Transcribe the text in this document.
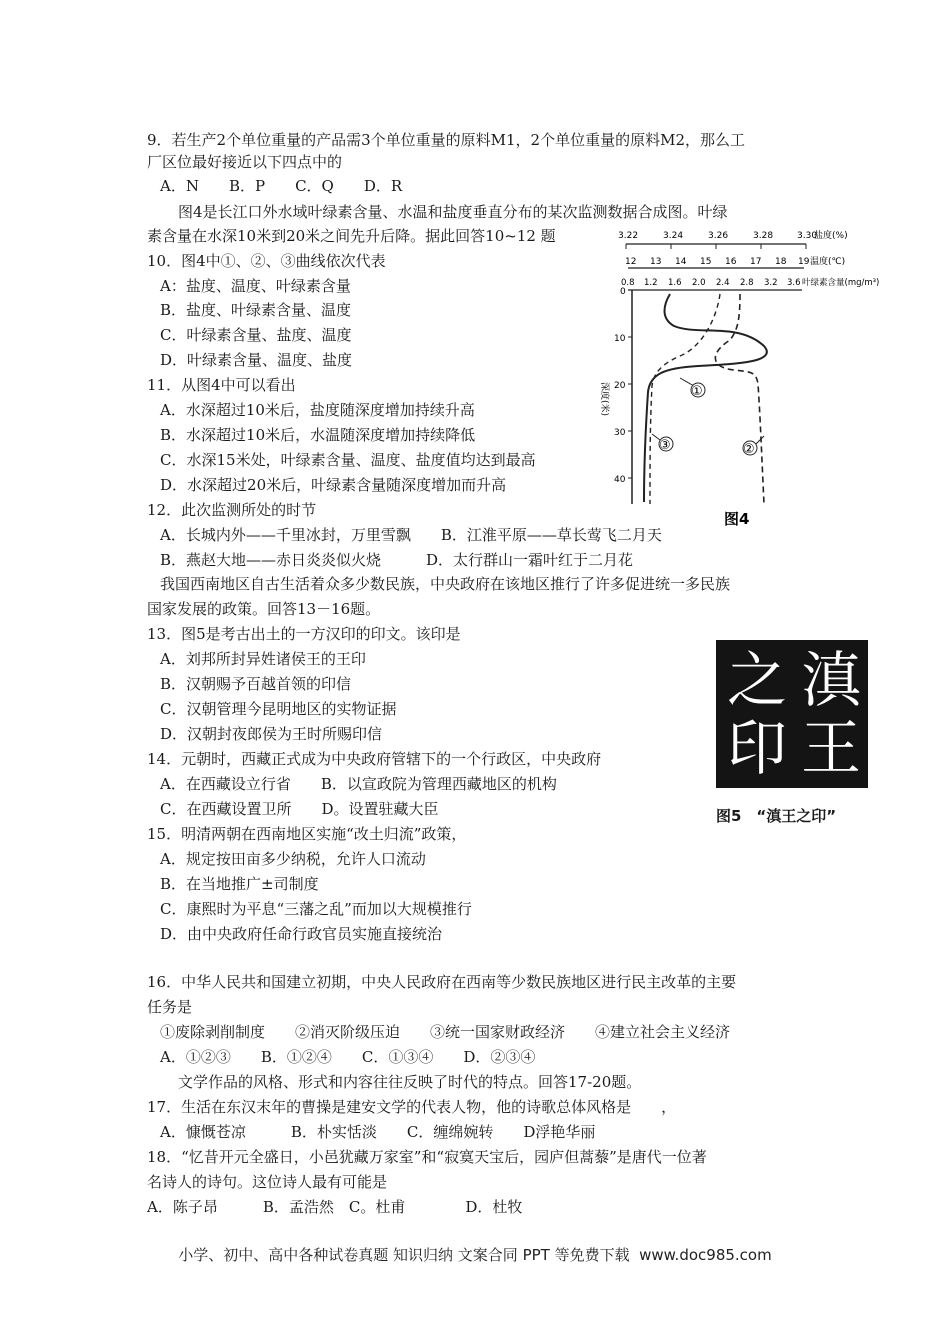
9．若生产2个单位重量的产品需3个单位重量的原料M1，2个单位重量的原料M2，那么工
厂区位最好接近以下四点中的
A．N　　B．P　　C．Q　　D．R
图4是长江口外水域叶绿素含量、水温和盐度垂直分布的某次监测数据合成图。叶绿
素含量在水深10米到20米之间先升后降。据此回答10~12 题
10．图4中①、②、③曲线依次代表
A：盐度、温度、叶绿素含量
B．盐度、叶绿素含量、温度
C．叶绿素含量、盐度、温度
D．叶绿素含量、温度、盐度
11．从图4中可以看出
A．水深超过10米后，盐度随深度增加持续升高
B．水深超过10米后，水温随深度增加持续降低
C．水深15米处，叶绿素含量、温度、盐度值均达到最高
D．水深超过20米后，叶绿素含量随深度增加而升高
12．此次监测所处的时节
A．长城内外——千里冰封，万里雪飘　　B．江淮平原——草长莺飞二月天
B．燕赵大地——赤日炎炎似火烧　　　D．太行群山一霜叶红于二月花
我国西南地区自古生活着众多少数民族，中央政府在该地区推行了许多促进统一多民族
国家发展的政策。回答13－16题。
13．图5是考古出土的一方汉印的印文。该印是
A．刘邦所封异姓诸侯王的王印
B．汉朝赐予百越首领的印信
C．汉朝管理今昆明地区的实物证据
D．汉朝封夜郎侯为王时所赐印信
14．元朝时，西藏正式成为中央政府管辖下的一个行政区，中央政府
A．在西藏设立行省　　B．以宣政院为管理西藏地区的机构
C．在西藏设置卫所　　D。设置驻藏大臣
15．明清两朝在西南地区实施“改土归流”政策，
A．规定按田亩多少纳税，允许人口流动
B．在当地推广±司制度
C．康熙时为平息“三藩之乱”而加以大规模推行
D．由中央政府任命行政官员实施直接统治
16．中华人民共和国建立初期，中央人民政府在西南等少数民族地区进行民主改革的主要
任务是
①废除剥削制度　　②消灭阶级压迫　　③统一国家财政经济　　④建立社会主义经济
A．①②③　　B．①②④　　C．①③④　　D．②③④
文学作品的风格、形式和内容往往反映了时代的特点。回答17-20题。
17．生活在东汉末年的曹操是建安文学的代表人物，他的诗歌总体风格是　　，
A．慷慨苍凉　　　B．朴实恬淡　　C．缠绵婉转　　D浮艳华丽
18．“忆昔开元全盛日，小邑犹藏万家室”和“寂寞天宝后，园庐但蒿藜”是唐代一位著
名诗人的诗句。这位诗人最有可能是
A．陈子昂　　　B．孟浩然　C。杜甫　　　　D．杜牧
3.22	3.24	3.26	3.28	3.30
盐度(%)
12 13 14 15 16 17 18 19 温度(℃)
0.8 1.2 1.6 2.0 2.4 2.8 3.2 3.6 叶绿素含量(mg/m³)
0
10
20
30
40
深度(米)	①
②
③
图4
滇
王
之
印
图5　“滇王之印”
小学、初中、高中各种试卷真题 知识归纳 文案合同 PPT 等免费下载  www.doc985.com
